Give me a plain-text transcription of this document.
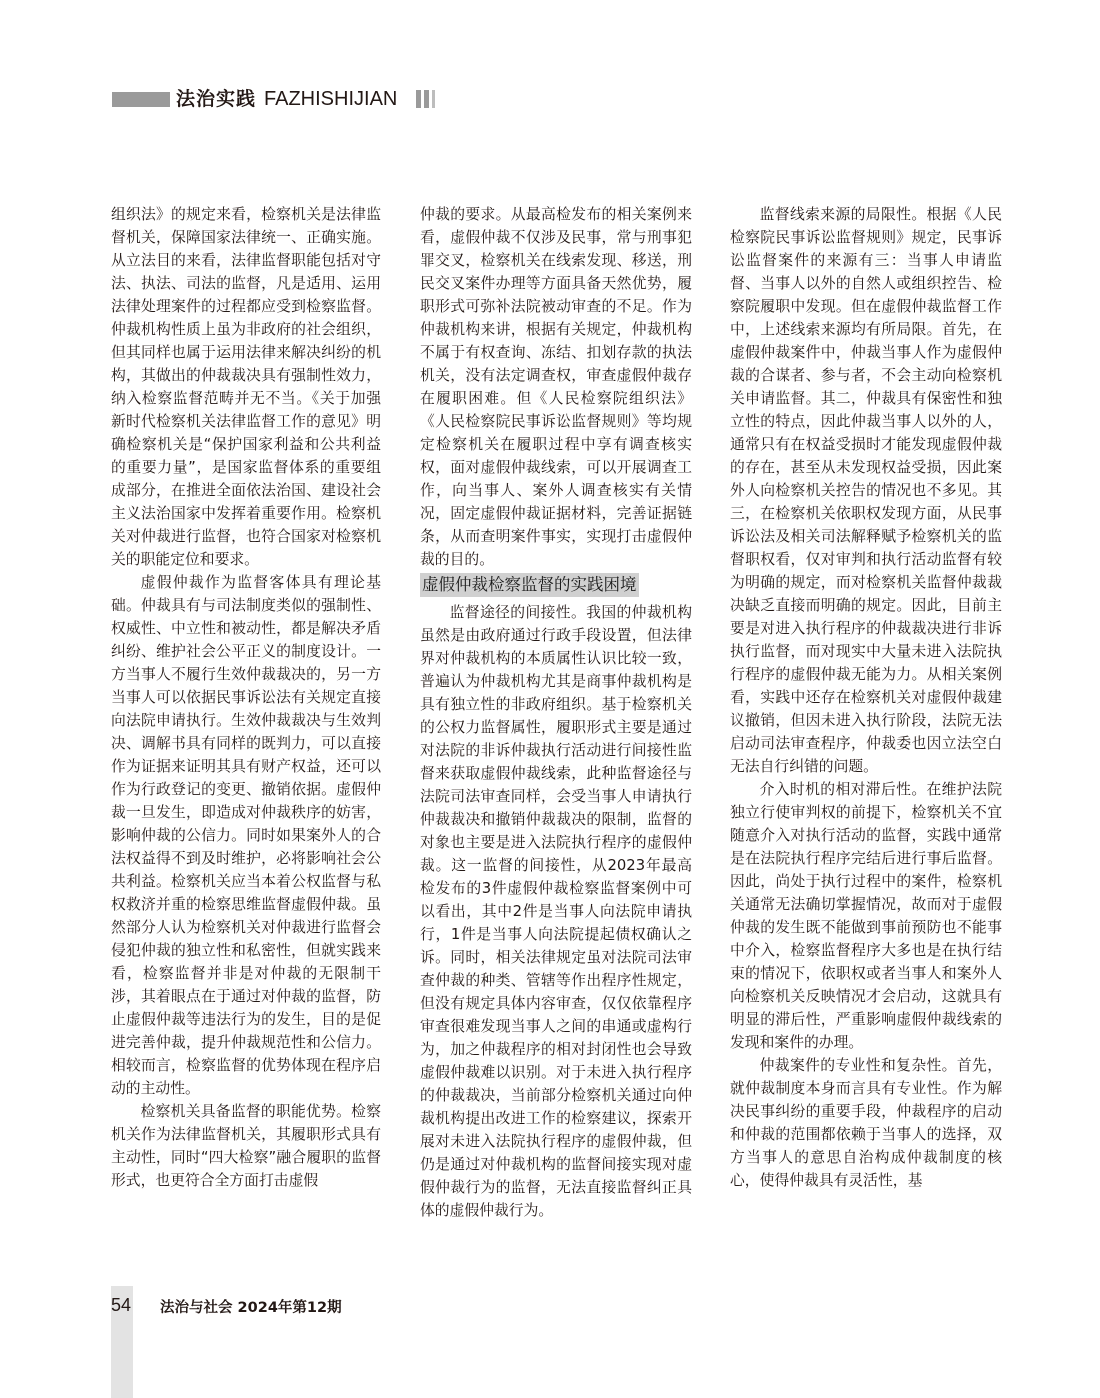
法治实践 FAZHISHIJIAN

组织法》的规定来看，检察机关是法律监督机关，保障国家法律统一、正确实施。从立法目的来看，法律监督职能包括对守法、执法、司法的监督，凡是适用、运用法律处理案件的过程都应受到检察监督。仲裁机构性质上虽为非政府的社会组织，但其同样也属于运用法律来解决纠纷的机构，其做出的仲裁裁决具有强制性效力，纳入检察监督范畴并无不当。《关于加强新时代检察机关法律监督工作的意见》明确检察机关是“保护国家利益和公共利益的重要力量”，是国家监督体系的重要组成部分，在推进全面依法治国、建设社会主义法治国家中发挥着重要作用。检察机关对仲裁进行监督，也符合国家对检察机关的职能定位和要求。

虚假仲裁作为监督客体具有理论基础。仲裁具有与司法制度类似的强制性、权威性、中立性和被动性，都是解决矛盾纠纷、维护社会公平正义的制度设计。一方当事人不履行生效仲裁裁决的，另一方当事人可以依据民事诉讼法有关规定直接向法院申请执行。生效仲裁裁决与生效判决、调解书具有同样的既判力，可以直接作为证据来证明其具有财产权益，还可以作为行政登记的变更、撤销依据。虚假仲裁一旦发生，即造成对仲裁秩序的妨害，影响仲裁的公信力。同时如果案外人的合法权益得不到及时维护，必将影响社会公共利益。检察机关应当本着公权监督与私权救济并重的检察思维监督虚假仲裁。虽然部分人认为检察机关对仲裁进行监督会侵犯仲裁的独立性和私密性，但就实践来看，检察监督并非是对仲裁的无限制干涉，其着眼点在于通过对仲裁的监督，防止虚假仲裁等违法行为的发生，目的是促进完善仲裁，提升仲裁规范性和公信力。相较而言，检察监督的优势体现在程序启动的主动性。

检察机关具备监督的职能优势。检察机关作为法律监督机关，其履职形式具有主动性，同时“四大检察”融合履职的监督形式，也更符合全方面打击虚假

仲裁的要求。从最高检发布的相关案例来看，虚假仲裁不仅涉及民事，常与刑事犯罪交叉，检察机关在线索发现、移送，刑民交叉案件办理等方面具备天然优势，履职形式可弥补法院被动审查的不足。作为仲裁机构来讲，根据有关规定，仲裁机构不属于有权查询、冻结、扣划存款的执法机关，没有法定调查权，审查虚假仲裁存在履职困难。但《人民检察院组织法》《人民检察院民事诉讼监督规则》等均规定检察机关在履职过程中享有调查核实权，面对虚假仲裁线索，可以开展调查工作，向当事人、案外人调查核实有关情况，固定虚假仲裁证据材料，完善证据链条，从而查明案件事实，实现打击虚假仲裁的目的。

虚假仲裁检察监督的实践困境

监督途径的间接性。我国的仲裁机构虽然是由政府通过行政手段设置，但法律界对仲裁机构的本质属性认识比较一致，普遍认为仲裁机构尤其是商事仲裁机构是具有独立性的非政府组织。基于检察机关的公权力监督属性，履职形式主要是通过对法院的非诉仲裁执行活动进行间接性监督来获取虚假仲裁线索，此种监督途径与法院司法审查同样，会受当事人申请执行仲裁裁决和撤销仲裁裁决的限制，监督的对象也主要是进入法院执行程序的虚假仲裁。这一监督的间接性，从2023年最高检发布的3件虚假仲裁检察监督案例中可以看出，其中2件是当事人向法院申请执行，1件是当事人向法院提起债权确认之诉。同时，相关法律规定虽对法院司法审查仲裁的种类、管辖等作出程序性规定，但没有规定具体内容审查，仅仅依靠程序审查很难发现当事人之间的串通或虚构行为，加之仲裁程序的相对封闭性也会导致虚假仲裁难以识别。对于未进入执行程序的仲裁裁决，当前部分检察机关通过向仲裁机构提出改进工作的检察建议，探索开展对未进入法院执行程序的虚假仲裁，但仍是通过对仲裁机构的监督间接实现对虚假仲裁行为的监督，无法直接监督纠正具体的虚假仲裁行为。

监督线索来源的局限性。根据《人民检察院民事诉讼监督规则》规定，民事诉讼监督案件的来源有三：当事人申请监督、当事人以外的自然人或组织控告、检察院履职中发现。但在虚假仲裁监督工作中，上述线索来源均有所局限。首先，在虚假仲裁案件中，仲裁当事人作为虚假仲裁的合谋者、参与者，不会主动向检察机关申请监督。其二，仲裁具有保密性和独立性的特点，因此仲裁当事人以外的人，通常只有在权益受损时才能发现虚假仲裁的存在，甚至从未发现权益受损，因此案外人向检察机关控告的情况也不多见。其三，在检察机关依职权发现方面，从民事诉讼法及相关司法解释赋予检察机关的监督职权看，仅对审判和执行活动监督有较为明确的规定，而对检察机关监督仲裁裁决缺乏直接而明确的规定。因此，目前主要是对进入执行程序的仲裁裁决进行非诉执行监督，而对现实中大量未进入法院执行程序的虚假仲裁无能为力。从相关案例看，实践中还存在检察机关对虚假仲裁建议撤销，但因未进入执行阶段，法院无法启动司法审查程序，仲裁委也因立法空白无法自行纠错的问题。

介入时机的相对滞后性。在维护法院独立行使审判权的前提下，检察机关不宜随意介入对执行活动的监督，实践中通常是在法院执行程序完结后进行事后监督。因此，尚处于执行过程中的案件，检察机关通常无法确切掌握情况，故而对于虚假仲裁的发生既不能做到事前预防也不能事中介入，检察监督程序大多也是在执行结束的情况下，依职权或者当事人和案外人向检察机关反映情况才会启动，这就具有明显的滞后性，严重影响虚假仲裁线索的发现和案件的办理。

仲裁案件的专业性和复杂性。首先，就仲裁制度本身而言具有专业性。作为解决民事纠纷的重要手段，仲裁程序的启动和仲裁的范围都依赖于当事人的选择，双方当事人的意思自治构成仲裁制度的核心，使得仲裁具有灵活性，基

54 法治与社会 2024年第12期
